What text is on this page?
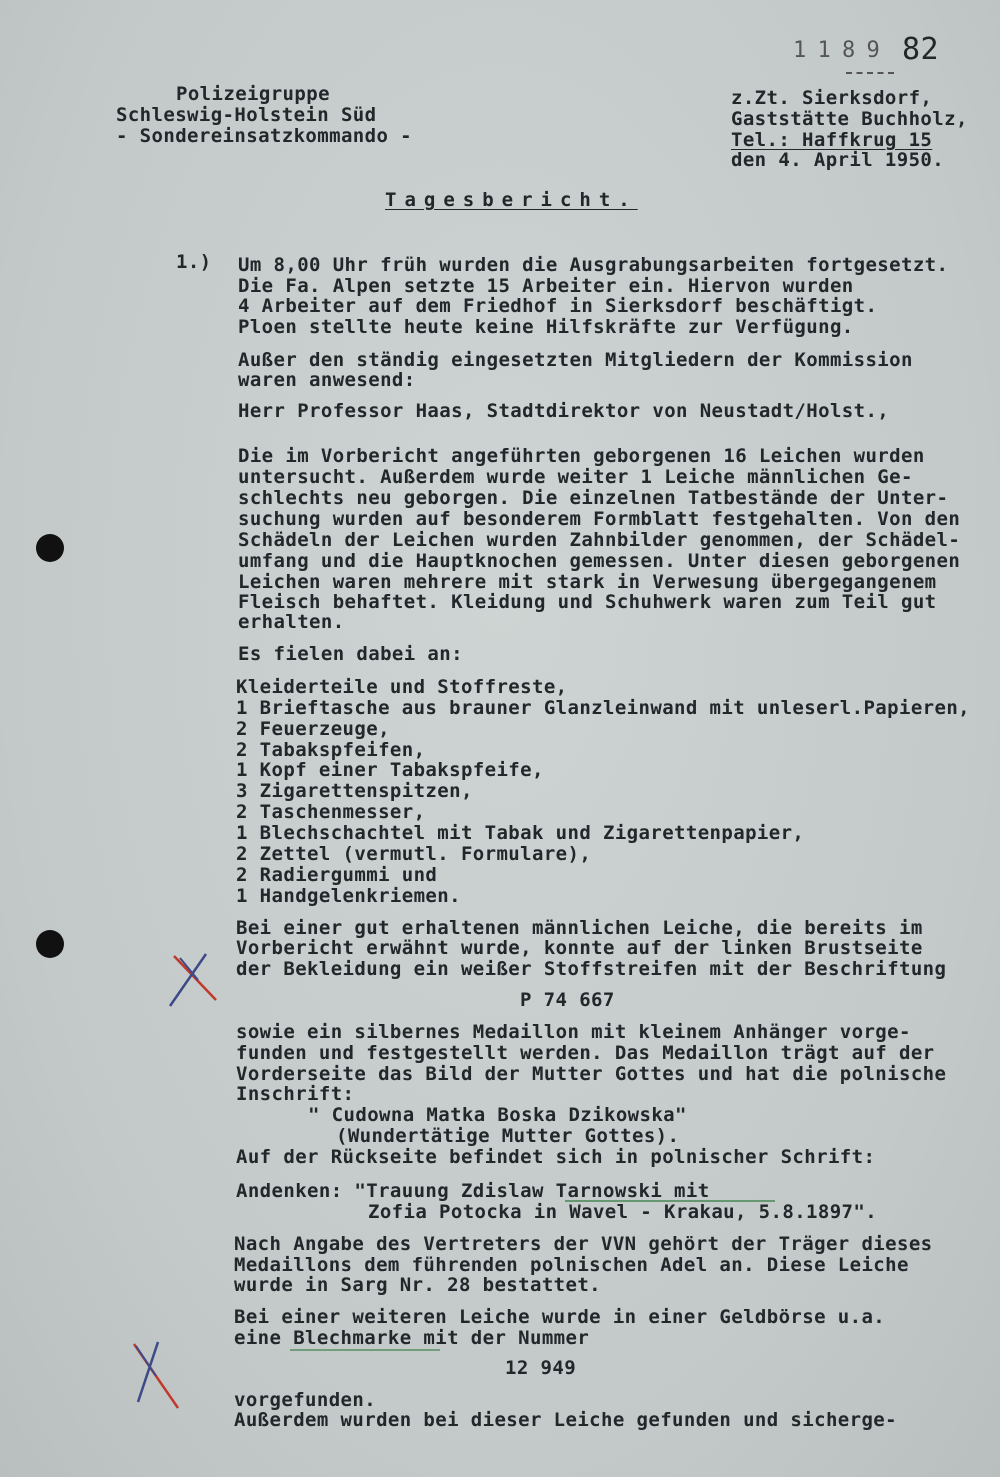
1 1 8 9 82
Polizeigruppe
Schleswig-Holstein Süd
- Sondereinsatzkommando -
z.Zt. Sierksdorf,
Gaststätte Buchholz,
Tel.: Haffkrug 15
den 4. April 1950.
Tagesbericht.
1.) Um 8,00 Uhr früh wurden die Ausgrabungsarbeiten fortgesetzt.
Die Fa. Alpen setzte 15 Arbeiter ein. Hiervon wurden
4 Arbeiter auf dem Friedhof in Sierksdorf beschäftigt.
Ploen stellte heute keine Hilfskräfte zur Verfügung.
Außer den ständig eingesetzten Mitgliedern der Kommission
waren anwesend:
Herr Professor Haas, Stadtdirektor von Neustadt/Holst.,
Die im Vorbericht angeführten geborgenen 16 Leichen wurden
untersucht. Außerdem wurde weiter 1 Leiche männlichen Ge-
schlechts neu geborgen. Die einzelnen Tatbestände der Unter-
suchung wurden auf besonderem Formblatt festgehalten. Von den
Schädeln der Leichen wurden Zahnbilder genommen, der Schädel-
umfang und die Hauptknochen gemessen. Unter diesen geborgenen
Leichen waren mehrere mit stark in Verwesung übergegangenem
Fleisch behaftet. Kleidung und Schuhwerk waren zum Teil gut
erhalten.
Es fielen dabei an:
Kleiderteile und Stoffreste,
1 Brieftasche aus brauner Glanzleinwand mit unleserl.Papieren,
2 Feuerzeuge,
2 Tabakspfeifen,
1 Kopf einer Tabakspfeife,
3 Zigarettenspitzen,
2 Taschenmesser,
1 Blechschachtel mit Tabak und Zigarettenpapier,
2 Zettel (vermutl. Formulare),
2 Radiergummi und
1 Handgelenkriemen.
Bei einer gut erhaltenen männlichen Leiche, die bereits im
Vorbericht erwähnt wurde, konnte auf der linken Brustseite
der Bekleidung ein weißer Stoffstreifen mit der Beschriftung
P 74 667
sowie ein silbernes Medaillon mit kleinem Anhänger vorge-
funden und festgestellt werden. Das Medaillon trägt auf der
Vorderseite das Bild der Mutter Gottes und hat die polnische
Inschrift:
" Cudowna Matka Boska Dzikowska"
(Wundertätige Mutter Gottes).
Auf der Rückseite befindet sich in polnischer Schrift:
Andenken: "Trauung Zdislaw Tarnowski mit
Zofia Potocka in Wavel - Krakau, 5.8.1897".
Nach Angabe des Vertreters der VVN gehört der Träger dieses
Medaillons dem führenden polnischen Adel an. Diese Leiche
wurde in Sarg Nr. 28 bestattet.
Bei einer weiteren Leiche wurde in einer Geldbörse u.a.
eine Blechmarke mit der Nummer
12 949
vorgefunden.
Außerdem wurden bei dieser Leiche gefunden und sicherge-
